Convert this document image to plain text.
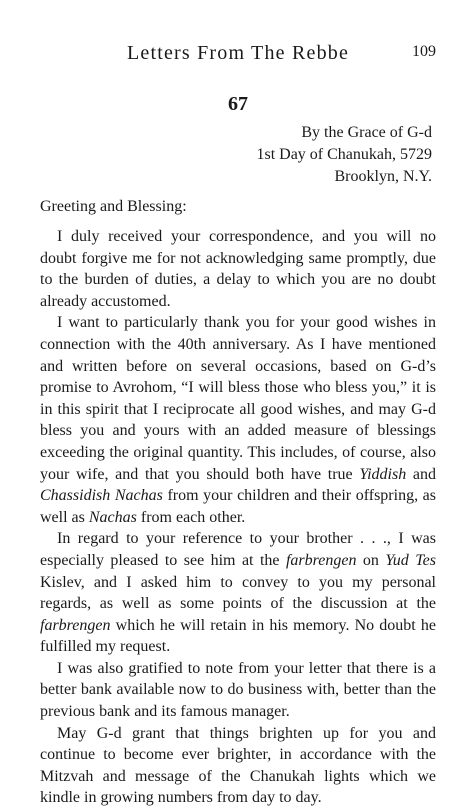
Letters From The Rebbe	109
67
By the Grace of G-d
1st Day of Chanukah, 5729
Brooklyn, N.Y.
Greeting and Blessing:

I duly received your correspondence, and you will no doubt forgive me for not acknowledging same promptly, due to the burden of duties, a delay to which you are no doubt already accustomed.

I want to particularly thank you for your good wishes in connection with the 40th anniversary. As I have mentioned and written before on several occasions, based on G-d’s promise to Avrohom, “I will bless those who bless you,” it is in this spirit that I reciprocate all good wishes, and may G-d bless you and yours with an added measure of blessings exceeding the original quantity. This includes, of course, also your wife, and that you should both have true Yiddish and Chassidish Nachas from your children and their offspring, as well as Nachas from each other.

In regard to your reference to your brother . . ., I was especially pleased to see him at the farbrengen on Yud Tes Kislev, and I asked him to convey to you my personal regards, as well as some points of the discussion at the farbrengen which he will retain in his memory. No doubt he fulfilled my request.

I was also gratified to note from your letter that there is a better bank available now to do business with, better than the previous bank and its famous manager.

May G-d grant that things brighten up for you and continue to become ever brighter, in accordance with the Mitzvah and message of the Chanukah lights which we kindle in growing numbers from day to day.
